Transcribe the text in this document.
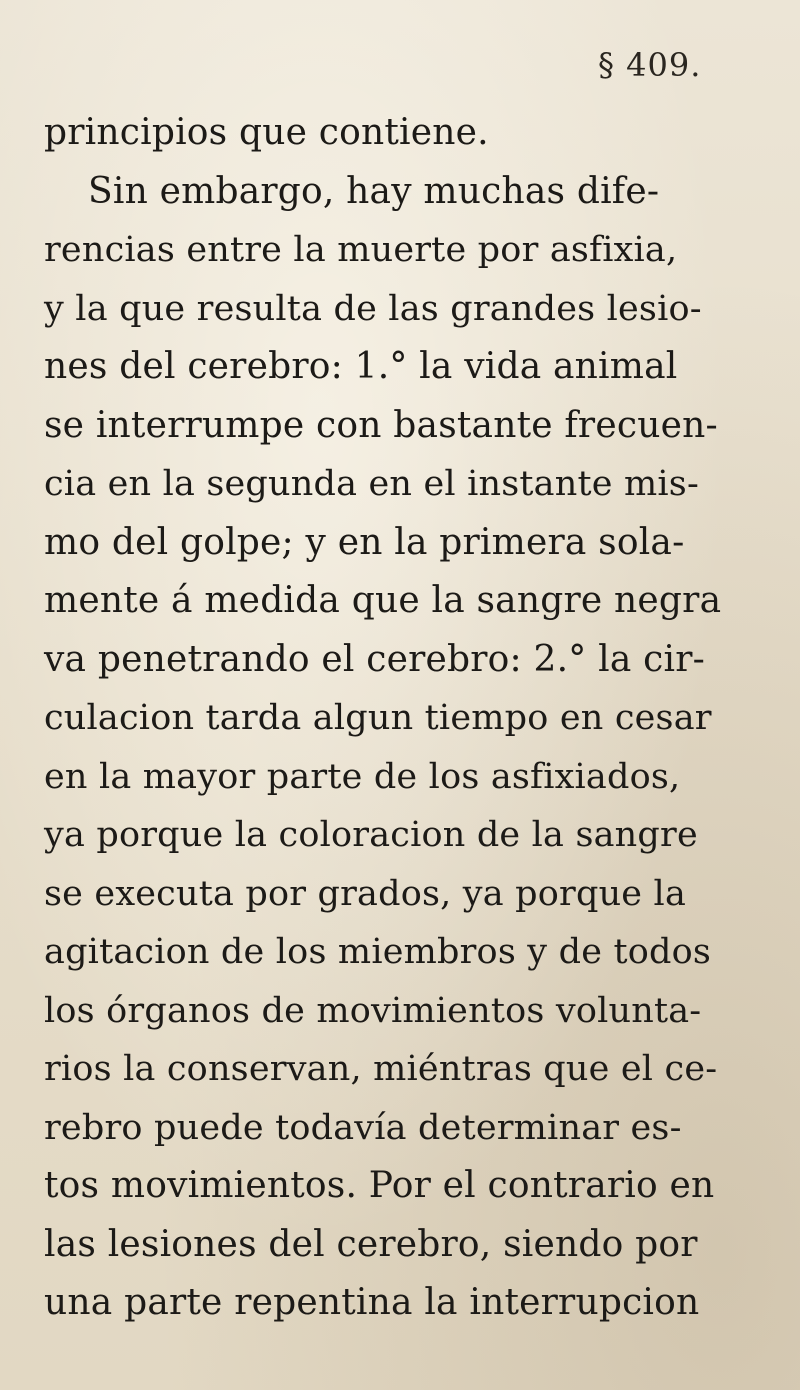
§ 409.
principios que contiene.
Sin embargo, hay muchas dife-
rencias entre la muerte por asfixia,
y la que resulta de las grandes lesio-
nes del cerebro: 1.° la vida animal
se interrumpe con bastante frecuen-
cia en la segunda en el instante mis-
mo del golpe; y en la primera sola-
mente á medida que la sangre negra
va penetrando el cerebro: 2.° la cir-
culacion tarda algun tiempo en cesar
en la mayor parte de los asfixiados,
ya porque la coloracion de la sangre
se executa por grados, ya porque la
agitacion de los miembros y de todos
los órganos de movimientos volunta-
rios la conservan, miéntras que el ce-
rebro puede todavía determinar es-
tos movimientos. Por el contrario en
las lesiones del cerebro, siendo por
una parte repentina la interrupcion
